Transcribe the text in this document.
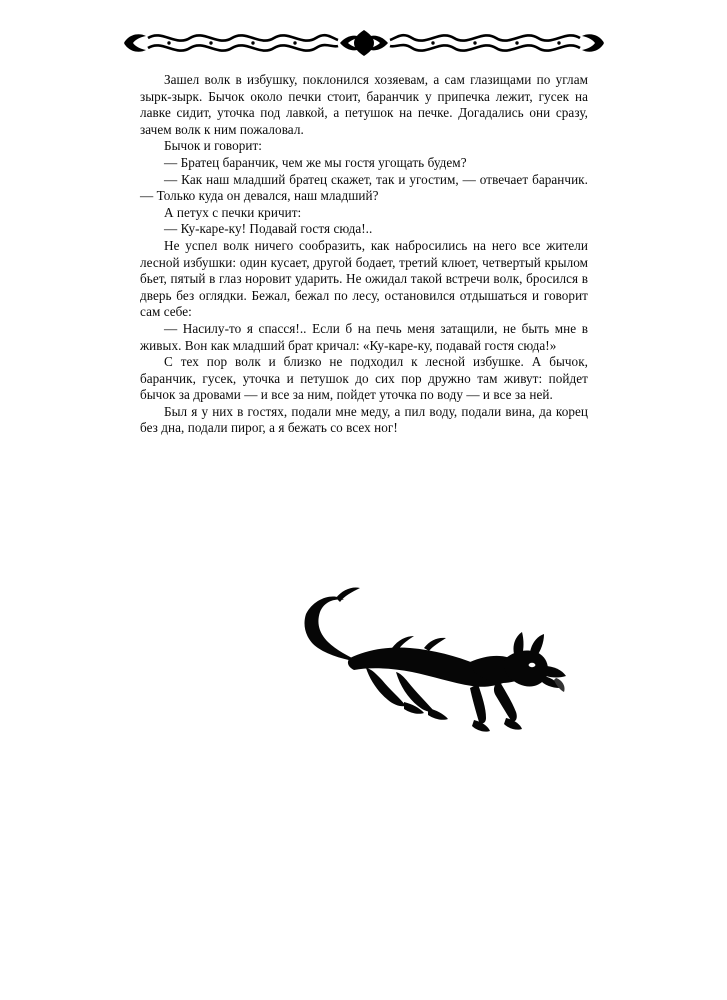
Зашел волк в избушку, поклонился хозяевам, а сам глазищами по углам зырк-зырк. Бычок около печки стоит, баранчик у припечка лежит, гусек на лавке сидит, уточка под лавкой, а петушок на печке. Догадались они сразу, зачем волк к ним пожаловал.

Бычок и говорит:

— Братец баранчик, чем же мы гостя угощать будем?

— Как наш младший братец скажет, так и угостим, — отвечает баранчик. — Только куда он девался, наш младший?

А петух с печки кричит:

— Ку-каре-ку! Подавай гостя сюда!..

Не успел волк ничего сообразить, как набросились на него все жители лесной избушки: один кусает, другой бодает, третий клюет, четвертый крылом бьет, пятый в глаз норовит ударить. Не ожидал такой встречи волк, бросился в дверь без оглядки. Бежал, бежал по лесу, остановился отдышаться и говорит сам себе:

— Насилу-то я спасся!.. Если б на печь меня затащили, не быть мне в живых. Вон как младший брат кричал: «Ку-каре-ку, подавай гостя сюда!»

С тех пор волк и близко не подходил к лесной избушке. А бычок, баранчик, гусек, уточка и петушок до сих пор дружно там живут: пойдет бычок за дровами — и все за ним, пойдет уточка по воду — и все за ней.

Был я у них в гостях, подали мне меду, а пил воду, подали вина, да корец без дна, подали пирог, а я бежать со всех ног!
